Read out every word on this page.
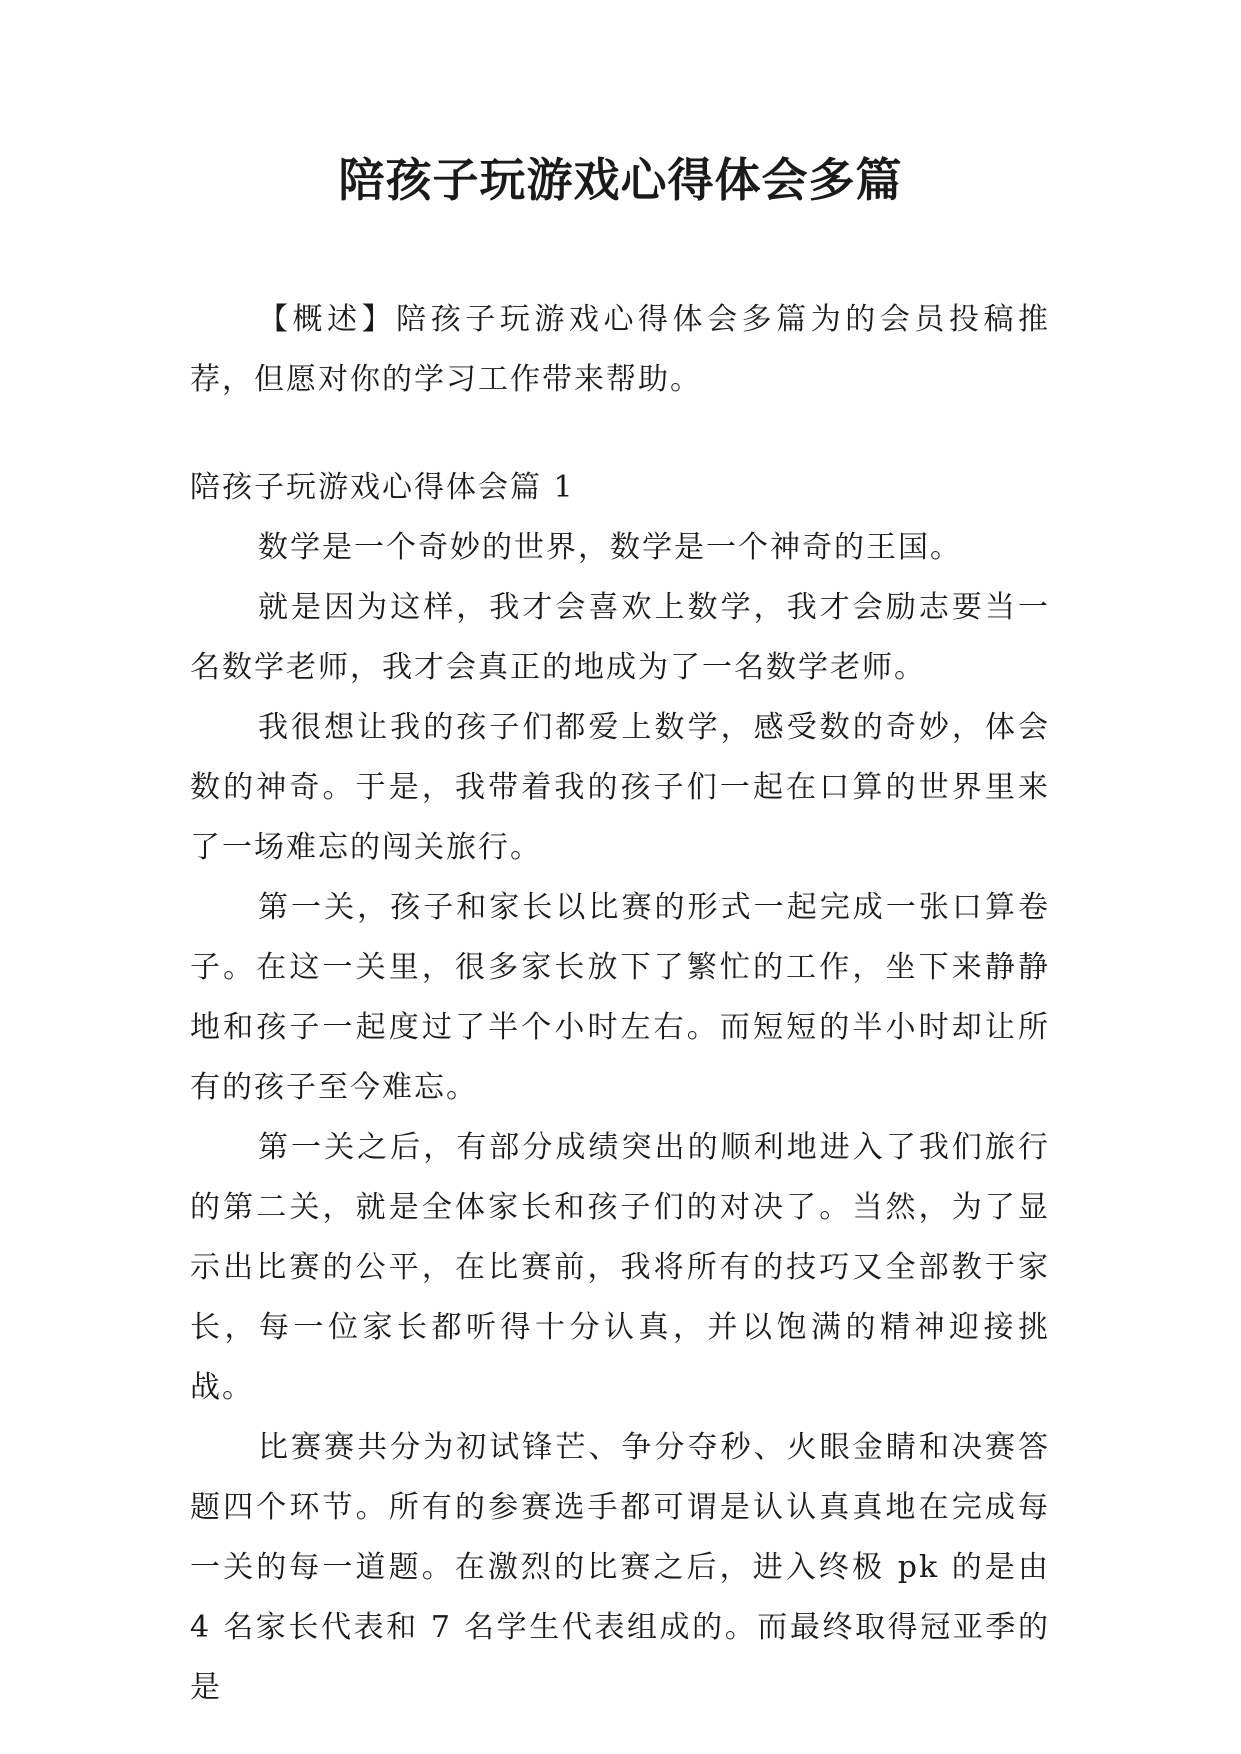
陪孩子玩游戏心得体会多篇

【概述】陪孩子玩游戏心得体会多篇为的会员投稿推荐，但愿对你的学习工作带来帮助。

陪孩子玩游戏心得体会篇 1

数学是一个奇妙的世界，数学是一个神奇的王国。

就是因为这样，我才会喜欢上数学，我才会励志要当一名数学老师，我才会真正的地成为了一名数学老师。

我很想让我的孩子们都爱上数学，感受数的奇妙，体会数的神奇。于是，我带着我的孩子们一起在口算的世界里来了一场难忘的闯关旅行。

第一关，孩子和家长以比赛的形式一起完成一张口算卷子。在这一关里，很多家长放下了繁忙的工作，坐下来静静地和孩子一起度过了半个小时左右。而短短的半小时却让所有的孩子至今难忘。

第一关之后，有部分成绩突出的顺利地进入了我们旅行的第二关，就是全体家长和孩子们的对决了。当然，为了显示出比赛的公平，在比赛前，我将所有的技巧又全部教于家长，每一位家长都听得十分认真，并以饱满的精神迎接挑战。

比赛赛共分为初试锋芒、争分夺秒、火眼金睛和决赛答题四个环节。所有的参赛选手都可谓是认认真真地在完成每一关的每一道题。在激烈的比赛之后，进入终极 pk 的是由 4 名家长代表和 7 名学生代表组成的。而最终取得冠亚季的是
